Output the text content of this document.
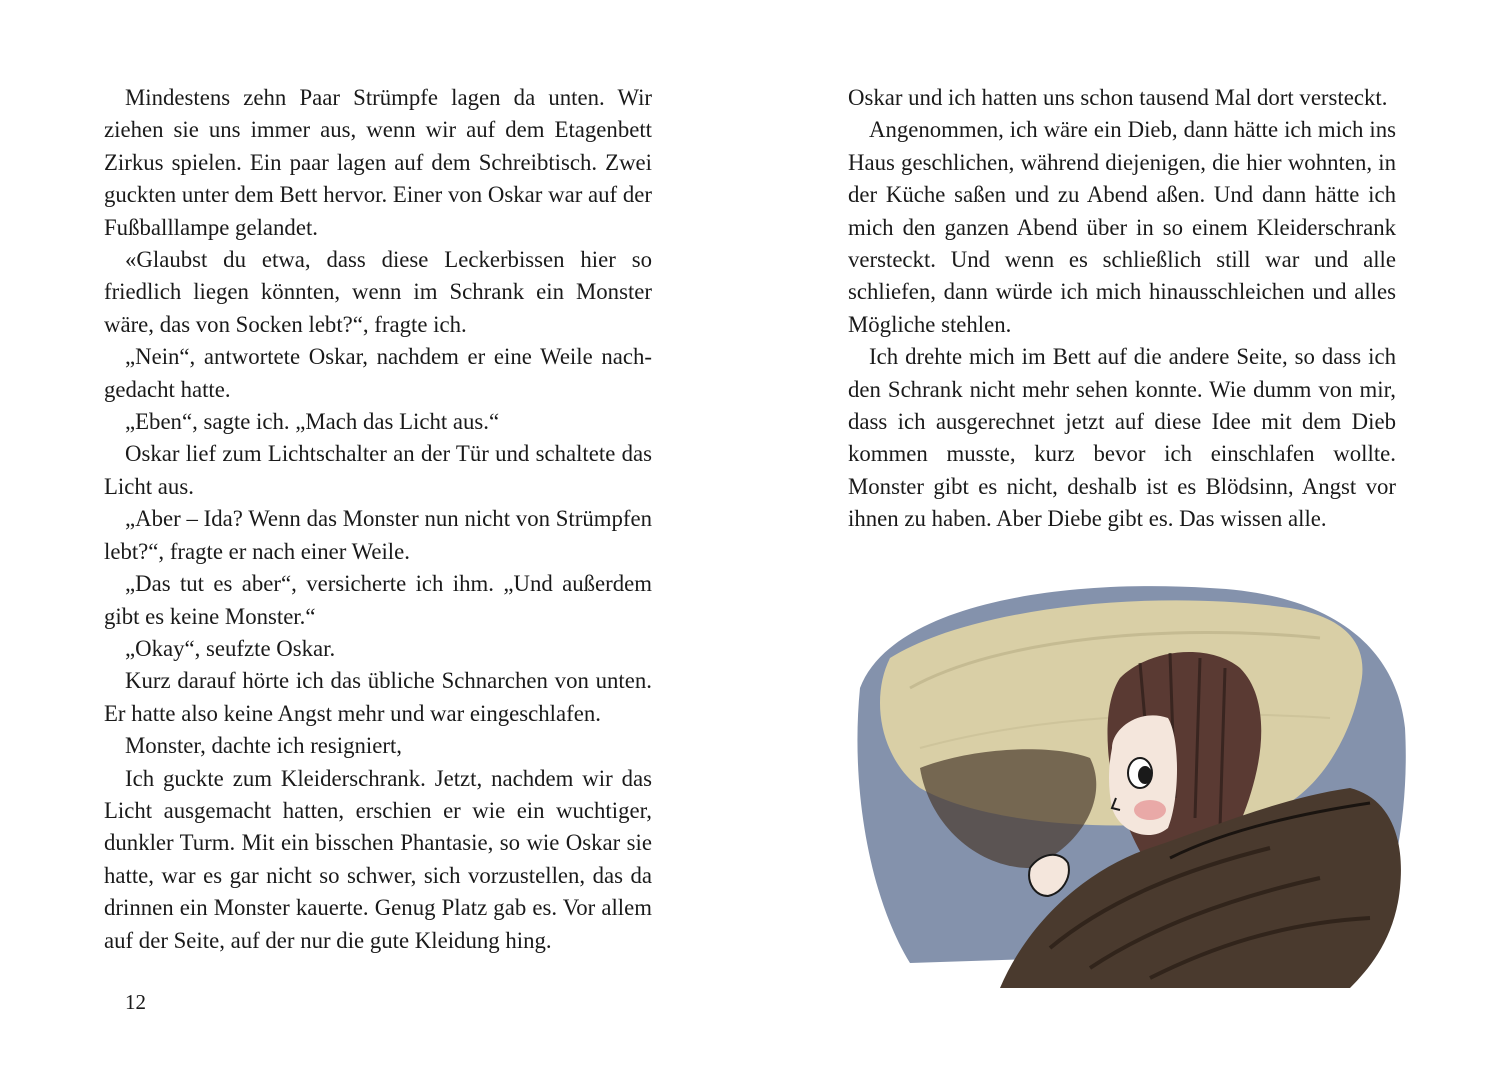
Mindestens zehn Paar Strümpfe lagen da unten. Wir ziehen sie uns immer aus, wenn wir auf dem Etagenbett Zirkus spielen. Ein paar lagen auf dem Schreibtisch. Zwei guckten unter dem Bett hervor. Einer von Oskar war auf der Fußballlampe gelandet.

«Glaubst du etwa, dass diese Leckerbissen hier so friedlich liegen könnten, wenn im Schrank ein Monster wäre, das von Socken lebt?“, fragte ich.

„Nein“, antwortete Oskar, nachdem er eine Weile nachgedacht hatte.

„Eben“, sagte ich. „Mach das Licht aus.“

Oskar lief zum Lichtschalter an der Tür und schaltete das Licht aus.

„Aber – Ida? Wenn das Monster nun nicht von Strümpfen lebt?“, fragte er nach einer Weile.

„Das tut es aber“, versicherte ich ihm. „Und außerdem gibt es keine Monster.“

„Okay“, seufzte Oskar.

Kurz darauf hörte ich das übliche Schnarchen von unten. Er hatte also keine Angst mehr und war eingeschlafen.

Monster, dachte ich resigniert,

Ich guckte zum Kleiderschrank. Jetzt, nachdem wir das Licht ausgemacht hatten, erschien er wie ein wuchtiger, dunkler Turm. Mit ein bisschen Phantasie, so wie Oskar sie hatte, war es gar nicht so schwer, sich vorzustellen, das da drinnen ein Monster kauerte. Genug Platz gab es. Vor allem auf der Seite, auf der nur die gute Kleidung hing.

12

Oskar und ich hatten uns schon tausend Mal dort versteckt.

Angenommen, ich wäre ein Dieb, dann hätte ich mich ins Haus geschlichen, während diejenigen, die hier wohnten, in der Küche saßen und zu Abend aßen. Und dann hätte ich mich den ganzen Abend über in so einem Kleiderschrank versteckt. Und wenn es schließlich still war und alle schliefen, dann würde ich mich hinausschleichen und alles Mögliche stehlen.

Ich drehte mich im Bett auf die andere Seite, so dass ich den Schrank nicht mehr sehen konnte. Wie dumm von mir, dass ich ausgerechnet jetzt auf diese Idee mit dem Dieb kommen musste, kurz bevor ich einschlafen wollte. Monster gibt es nicht, deshalb ist es Blödsinn, Angst vor ihnen zu haben. Aber Diebe gibt es. Das wissen alle.
